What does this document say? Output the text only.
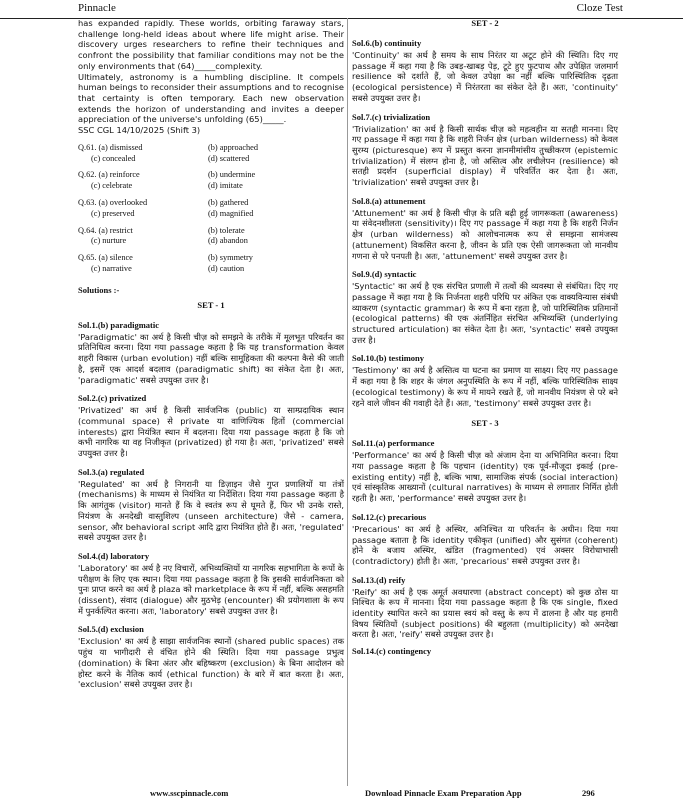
Pinnacle	Cloze Test

has expanded rapidly. These worlds, orbiting faraway stars, challenge long-held ideas about where life might arise. Their discovery urges researchers to refine their techniques and confront the possibility that familiar conditions may not be the only environments that (64)_____complexity.

Ultimately, astronomy is a humbling discipline. It compels human beings to reconsider their assumptions and to recognise that certainty is often temporary. Each new observation extends the horizon of understanding and invites a deeper appreciation of the universe's unfolding (65)_____.

SSC CGL 14/10/2025 (Shift 3)

Q.61. (a) dismissed	(b) approached
(c) concealed	(d) scattered
Q.62. (a) reinforce	(b) undermine
(c) celebrate	(d) imitate
Q.63. (a) overlooked	(b) gathered
(c) preserved	(d) magnified
Q.64. (a) restrict	(b) tolerate
(c) nurture	(d) abandon
Q.65. (a) silence	(b) symmetry
(c) narrative	(d) caution
Solutions :-
SET - 1
Sol.1.(b) paradigmatic

'Paradigmatic' का अर्थ है किसी चीज़ को समझने के तरीके में मूलभूत परिवर्तन का प्रतिनिधित्व करना। दिया गया passage कहता है कि यह transformation केवल शहरी विकास (urban evolution) नहीं बल्कि सामूहिकता की कल्पना कैसे की जाती है, इसमें एक आदर्श बदलाव (paradigmatic shift) का संकेत देता है। अतः, 'paradigmatic' सबसे उपयुक्त उत्तर है।

Sol.2.(c) privatized

'Privatized' का अर्थ है किसी सार्वजनिक (public) या साम्प्रदायिक स्थान (communal space) से private या वाणिज्यिक हितों (commercial interests) द्वारा नियंत्रित स्थान में बदलना। दिया गया passage कहता है कि जो कभी नागरिक था वह निजीकृत (privatized) हो गया है। अतः, 'privatized' सबसे उपयुक्त उत्तर है।

Sol.3.(a) regulated

'Regulated' का अर्थ है निगरानी या डिज़ाइन जैसे गुप्त प्रणालियों या तंत्रों (mechanisms) के माध्यम से नियंत्रित या निर्देशित। दिया गया passage कहता है कि आगंतुक (visitor) मानते हैं कि वे स्वतंत्र रूप से घूमते हैं, फिर भी उनके रास्ते, नियंत्रण के अनदेखी वास्तुशिल्प (unseen architecture) जैसे - camera, sensor, और behavioral script आदि द्वारा नियंत्रित होते हैं। अतः, 'regulated' सबसे उपयुक्त उत्तर है।

Sol.4.(d) laboratory

'Laboratory' का अर्थ है नए विचारों, अभिव्यक्तियों या नागरिक सहभागिता के रूपों के परीक्षण के लिए एक स्थान। दिया गया passage कहता है कि इसकी सार्वजनिकता को पुनः प्राप्त करने का अर्थ है plaza को marketplace के रूप में नहीं, बल्कि असहमति (dissent), संवाद (dialogue) और मुठभेड़ (encounter) की प्रयोगशाला के रूप में पुनर्कल्पित करना। अतः, 'laboratory' सबसे उपयुक्त उत्तर है।

Sol.5.(d) exclusion

'Exclusion' का अर्थ है साझा सार्वजनिक स्थानों (shared public spaces) तक पहुंच या भागीदारी से वंचित होने की स्थिति। दिया गया passage प्रभुत्व (domination) के बिना अंतर और बहिष्करण (exclusion) के बिना आदोलन को होस्ट करने के नैतिक कार्य (ethical function) के बारे में बात करता है। अतः, 'exclusion' सबसे उपयुक्त उत्तर है।

SET - 2
Sol.6.(b) continuity

'Continuity' का अर्थ है समय के साथ निरंतर या अटूट होने की स्थिति। दिए गए passage में कहा गया है कि उबड़-खाबड़ पेड़, टूटे हुए फुटपाथ और उपेक्षित जलमार्ग resilience को दर्शाते हैं, जो केवल उपेक्षा का नहीं बल्कि पारिस्थितिक दृढ़ता (ecological persistence) में निरंतरता का संकेत देते हैं। अतः, 'continuity' सबसे उपयुक्त उत्तर है।

Sol.7.(c) trivialization

'Trivialization' का अर्थ है किसी सार्थक चीज़ को महत्वहीन या सतही मानना। दिए गए passage में कहा गया है कि शहरी निर्जन क्षेत्र (urban wilderness) को केवल सुरम्य (picturesque) रूप में प्रस्तुत करना ज्ञानमीमांसीय तुच्छीकरण (epistemic trivialization) में संलग्न होना है, जो अस्तित्व और लचीलेपन (resilience) को सतही प्रदर्शन (superficial display) में परिवर्तित कर देता है। अतः, 'trivialization' सबसे उपयुक्त उत्तर है।

Sol.8.(a) attunement

'Attunement' का अर्थ है किसी चीज़ के प्रति बढ़ी हुई जागरूकता (awareness) या संवेदनशीलता (sensitivity)। दिए गए passage में कहा गया है कि शहरी निर्जन क्षेत्र (urban wilderness) को आलोचनात्मक रूप से समझना सामंजस्य (attunement) विकसित करना है, जीवन के प्रति एक ऐसी जागरूकता जो मानवीय गणना से परे पनपती है। अतः, 'attunement' सबसे उपयुक्त उत्तर है।

Sol.9.(d) syntactic

'Syntactic' का अर्थ है एक संरचित प्रणाली में तत्वों की व्यवस्था से संबंधित। दिए गए passage में कहा गया है कि निर्जनता शहरी परिधि पर अंकित एक वाक्यविन्यास संबंधी व्याकरण (syntactic grammar) के रूप में बना रहता है, जो पारिस्थितिक प्रतिमानों (ecological patterns) की एक अंतर्निहित संरचित अभिव्यक्ति (underlying structured articulation) का संकेत देता है। अतः, 'syntactic' सबसे उपयुक्त उत्तर है।

Sol.10.(b) testimony

'Testimony' का अर्थ है अस्तित्व या घटना का प्रमाण या साक्ष्य। दिए गए passage में कहा गया है कि शहर के जंगल अनुपस्थिति के रूप में नहीं, बल्कि पारिस्थितिक साक्ष्य (ecological testimony) के रूप में मायने रखते हैं, जो मानवीय नियंत्रण से परे बने रहने वाले जीवन की गवाही देते हैं। अतः, 'testimony' सबसे उपयुक्त उत्तर है।

SET - 3
Sol.11.(a) performance

'Performance' का अर्थ है किसी चीज़ को अंजाम देना या अभिनिमित करना। दिया गया passage कहता है कि पहचान (identity) एक पूर्व-मौजूदा इकाई (pre-existing entity) नहीं है, बल्कि भाषा, सामाजिक संपर्क (social interaction) एवं सांस्कृतिक आख्यानों (cultural narratives) के माध्यम से लगातार निर्मित होती रहती है। अतः, 'performance' सबसे उपयुक्त उत्तर है।

Sol.12.(c) precarious

'Precarious' का अर्थ है अस्थिर, अनिश्चित या परिवर्तन के अधीन। दिया गया passage बताता है कि identity एकीकृत (unified) और सुसंगत (coherent) होने के बजाय अस्थिर, खंडित (fragmented) एवं अक्सर विरोधाभासी (contradictory) होती है। अतः, 'precarious' सबसे उपयुक्त उत्तर है।

Sol.13.(d) reify

'Reify' का अर्थ है एक अमूर्त अवधारणा (abstract concept) को कुछ ठोस या निश्चित के रूप में मानना। दिया गया passage कहता है कि एक single, fixed identity स्थापित करने का प्रयास स्वयं को वस्तु के रूप में ढालना है और यह हमारी विषय स्थितियों (subject positions) की बहुलता (multiplicity) को अनदेखा करता है। अतः, 'reify' सबसे उपयुक्त उत्तर है।

Sol.14.(c) contingency
www.sscpinnacle.com	Download Pinnacle Exam Preparation App	296
